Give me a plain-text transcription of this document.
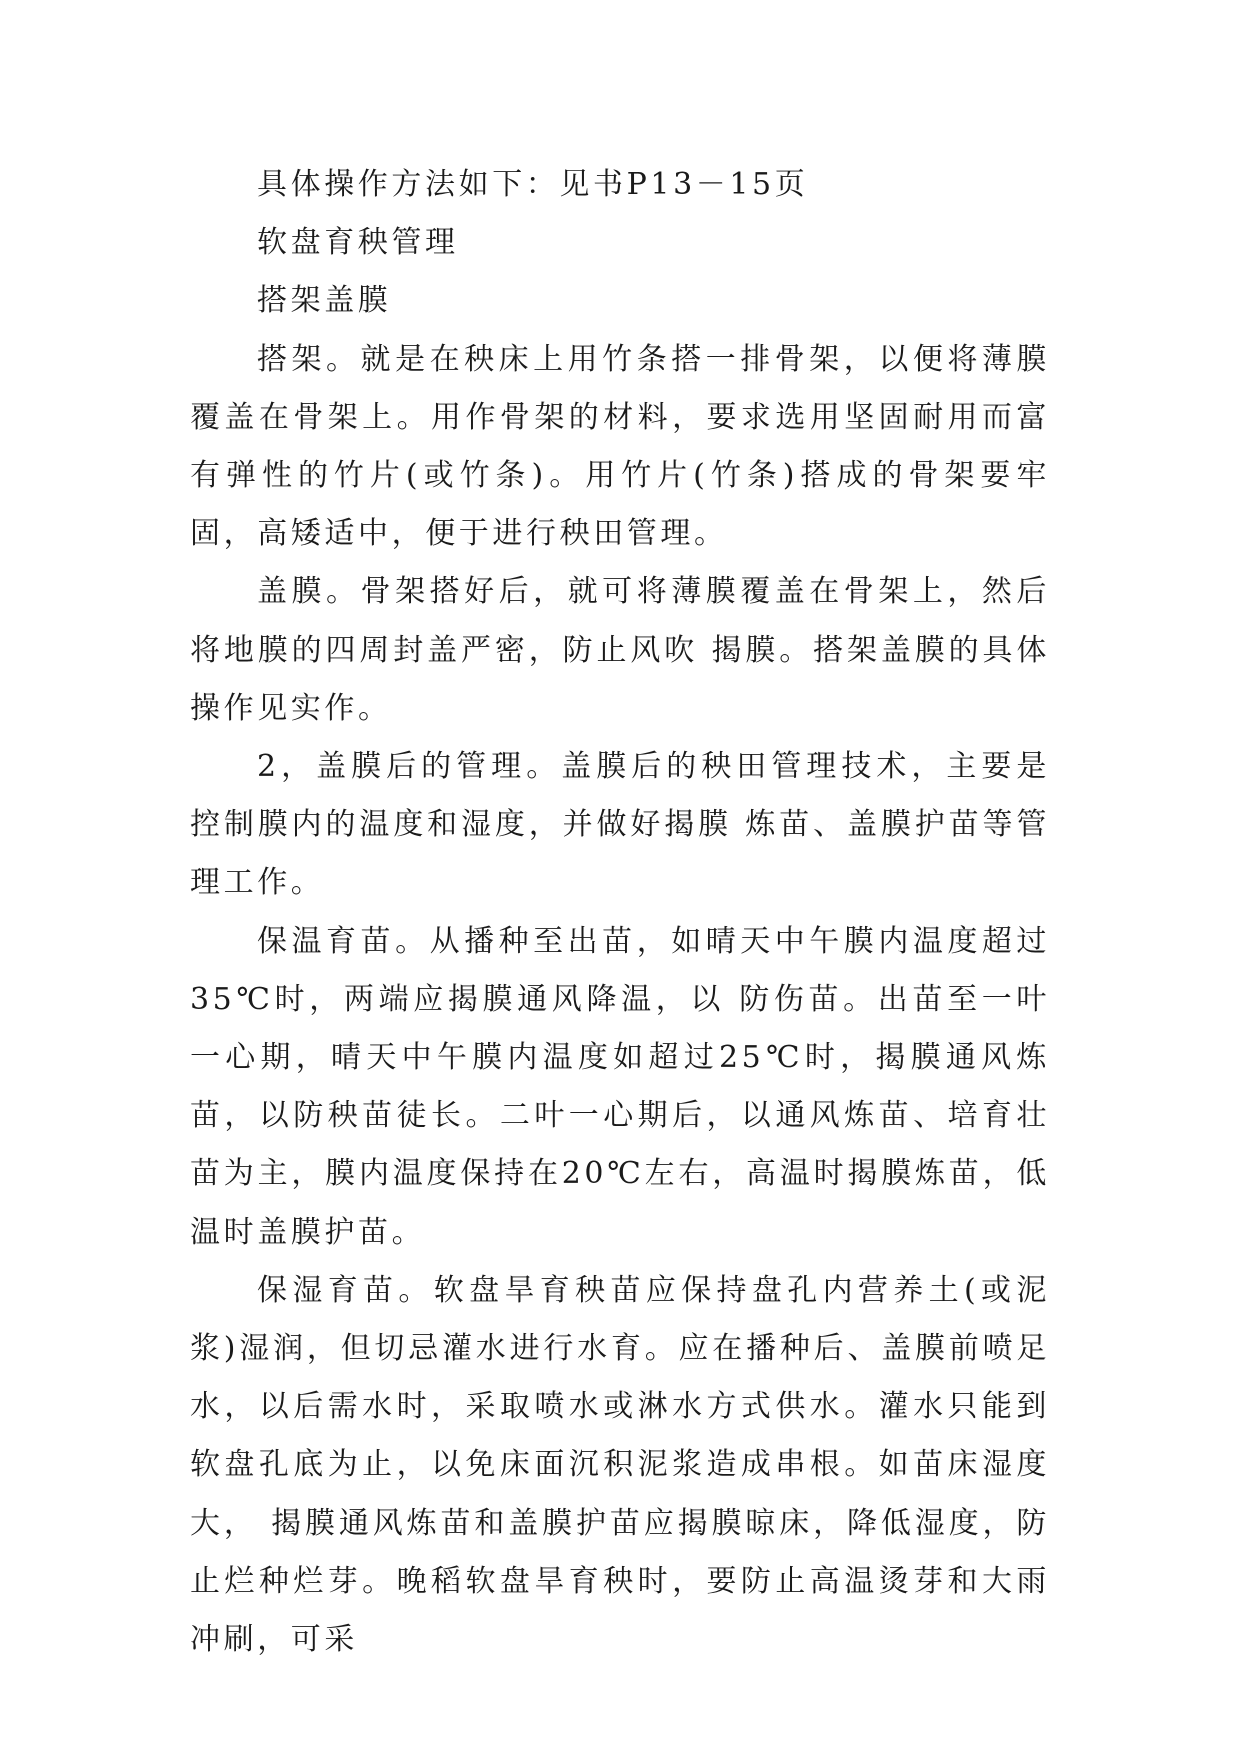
具体操作方法如下：见书P13－15页

软盘育秧管理

搭架盖膜

搭架。就是在秧床上用竹条搭一排骨架，以便将薄膜覆盖在骨架上。用作骨架的材料，要求选用坚固耐用而富有弹性的竹片(或竹条)。用竹片(竹条)搭成的骨架要牢固，高矮适中，便于进行秧田管理。

盖膜。骨架搭好后，就可将薄膜覆盖在骨架上，然后将地膜的四周封盖严密，防止风吹 揭膜。搭架盖膜的具体操作见实作。

2，盖膜后的管理。盖膜后的秧田管理技术，主要是控制膜内的温度和湿度，并做好揭膜 炼苗、盖膜护苗等管理工作。

保温育苗。从播种至出苗，如晴天中午膜内温度超过35℃时，两端应揭膜通风降温，以 防伤苗。出苗至一叶一心期，晴天中午膜内温度如超过25℃时，揭膜通风炼苗，以防秧苗徒长。二叶一心期后，以通风炼苗、培育壮苗为主，膜内温度保持在20℃左右，高温时揭膜炼苗，低温时盖膜护苗。

保湿育苗。软盘旱育秧苗应保持盘孔内营养土(或泥浆)湿润，但切忌灌水进行水育。应在播种后、盖膜前喷足水，以后需水时，采取喷水或淋水方式供水。灌水只能到软盘孔底为止，以免床面沉积泥浆造成串根。如苗床湿度大， 揭膜通风炼苗和盖膜护苗应揭膜晾床，降低湿度，防止烂种烂芽。晚稻软盘旱育秧时，要防止高温烫芽和大雨冲刷，可采
